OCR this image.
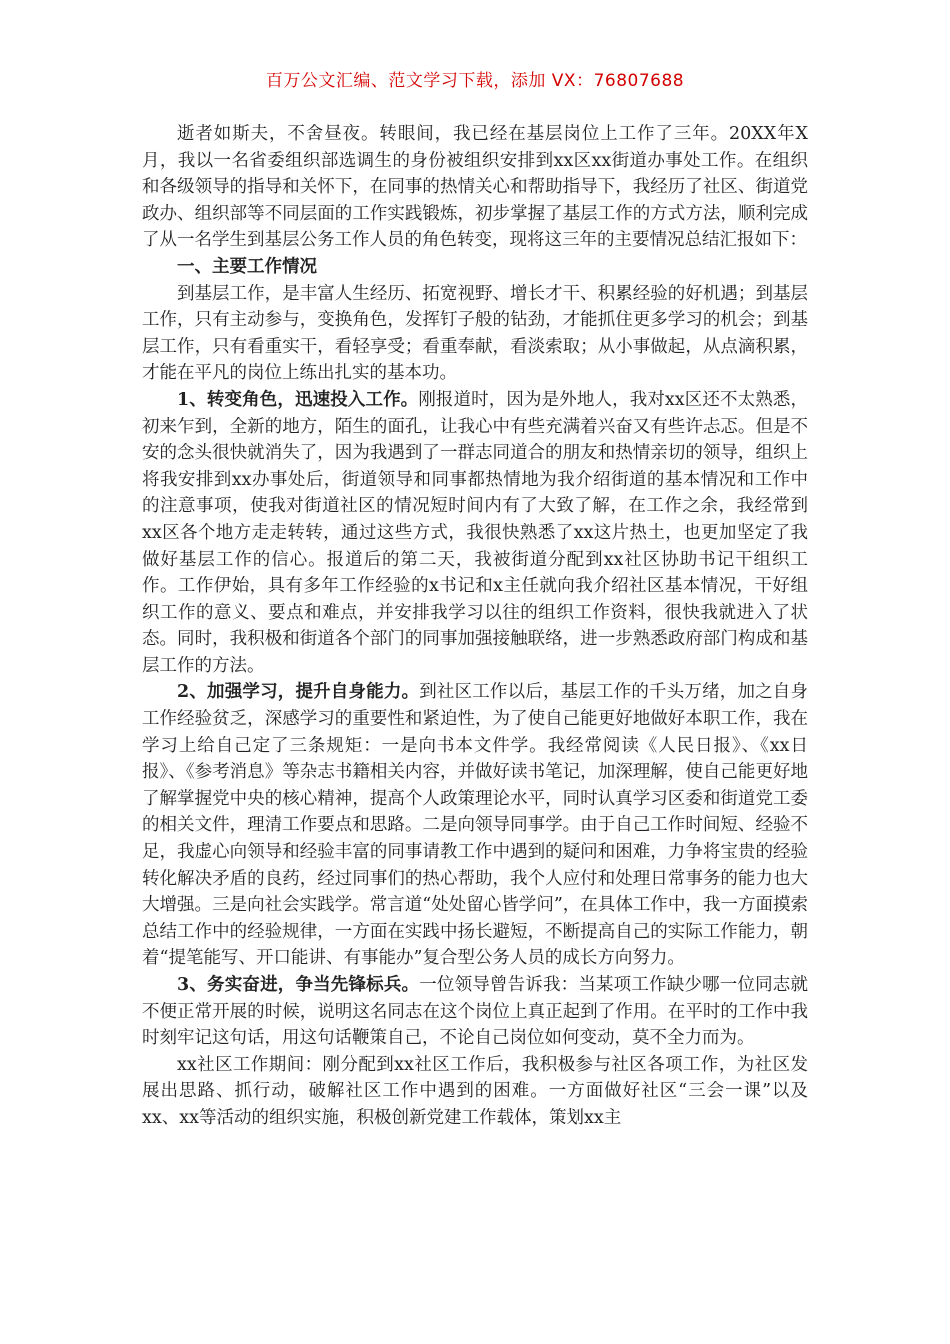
百万公文汇编、范文学习下载，添加 VX：76807688

逝者如斯夫，不舍昼夜。转眼间，我已经在基层岗位上工作了三年。20XX年X月，我以一名省委组织部选调生的身份被组织安排到xx区xx街道办事处工作。在组织和各级领导的指导和关怀下，在同事的热情关心和帮助指导下，我经历了社区、街道党政办、组织部等不同层面的工作实践锻炼，初步掌握了基层工作的方式方法，顺利完成了从一名学生到基层公务工作人员的角色转变，现将这三年的主要情况总结汇报如下：

一、主要工作情况

到基层工作，是丰富人生经历、拓宽视野、增长才干、积累经验的好机遇；到基层工作，只有主动参与，变换角色，发挥钉子般的钻劲，才能抓住更多学习的机会；到基层工作，只有看重实干，看轻享受；看重奉献，看淡索取；从小事做起，从点滴积累，才能在平凡的岗位上练出扎实的基本功。

1、转变角色，迅速投入工作。刚报道时，因为是外地人，我对xx区还不太熟悉，初来乍到，全新的地方，陌生的面孔，让我心中有些充满着兴奋又有些许忐忑。但是不安的念头很快就消失了，因为我遇到了一群志同道合的朋友和热情亲切的领导，组织上将我安排到xx办事处后，街道领导和同事都热情地为我介绍街道的基本情况和工作中的注意事项，使我对街道社区的情况短时间内有了大致了解，在工作之余，我经常到xx区各个地方走走转转，通过这些方式，我很快熟悉了xx这片热土，也更加坚定了我做好基层工作的信心。报道后的第二天，我被街道分配到xx社区协助书记干组织工作。工作伊始，具有多年工作经验的x书记和x主任就向我介绍社区基本情况，干好组织工作的意义、要点和难点，并安排我学习以往的组织工作资料，很快我就进入了状态。同时，我积极和街道各个部门的同事加强接触联络，进一步熟悉政府部门构成和基层工作的方法。

2、加强学习，提升自身能力。到社区工作以后，基层工作的千头万绪，加之自身工作经验贫乏，深感学习的重要性和紧迫性，为了使自己能更好地做好本职工作，我在学习上给自己定了三条规矩：一是向书本文件学。我经常阅读《人民日报》、《xx日报》、《参考消息》等杂志书籍相关内容，并做好读书笔记，加深理解，使自己能更好地了解掌握党中央的核心精神，提高个人政策理论水平，同时认真学习区委和街道党工委的相关文件，理清工作要点和思路。二是向领导同事学。由于自己工作时间短、经验不足，我虚心向领导和经验丰富的同事请教工作中遇到的疑问和困难，力争将宝贵的经验转化解决矛盾的良药，经过同事们的热心帮助，我个人应付和处理日常事务的能力也大大增强。三是向社会实践学。常言道“处处留心皆学问”，在具体工作中，我一方面摸索总结工作中的经验规律，一方面在实践中扬长避短，不断提高自己的实际工作能力，朝着“提笔能写、开口能讲、有事能办”复合型公务人员的成长方向努力。

3、务实奋进，争当先锋标兵。一位领导曾告诉我：当某项工作缺少哪一位同志就不便正常开展的时候，说明这名同志在这个岗位上真正起到了作用。在平时的工作中我时刻牢记这句话，用这句话鞭策自己，不论自己岗位如何变动，莫不全力而为。

xx社区工作期间：刚分配到xx社区工作后，我积极参与社区各项工作，为社区发展出思路、抓行动，破解社区工作中遇到的困难。一方面做好社区“三会一课”以及xx、xx等活动的组织实施，积极创新党建工作载体，策划xx主
